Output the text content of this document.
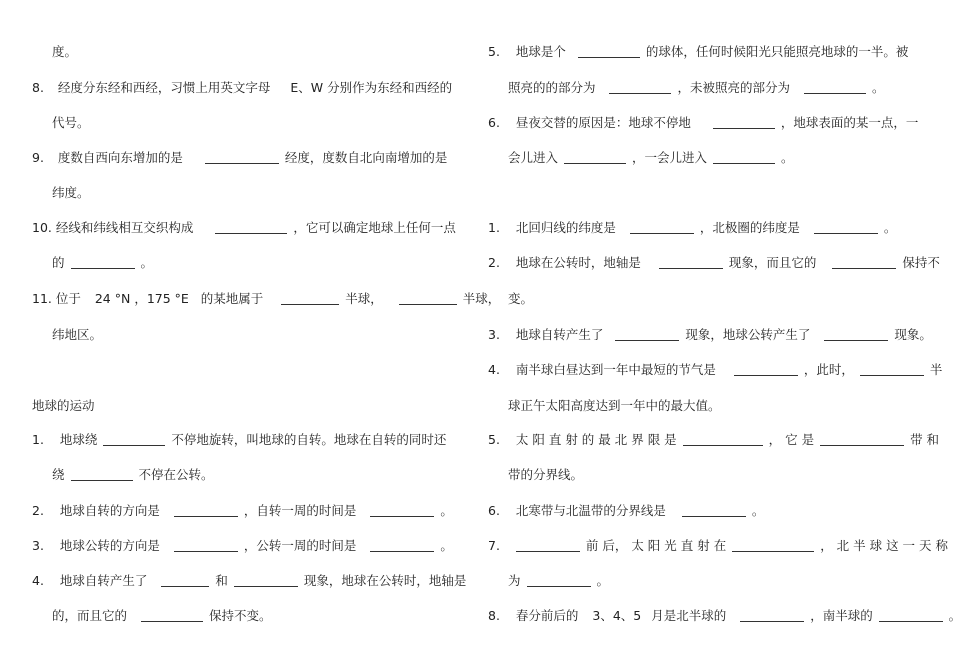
度。
8. 经度分东经和西经，习惯上用英文字母 E、W 分别作为东经和西经的
代号。
9. 度数自西向东增加的是	经度，度数自北向南增加的是
纬度。
10. 经线和纬线相互交织构成	，它可以确定地球上任何一点
的	。
11. 位于 24 °N ，175 °E 的某地属于	半球，	半球，
纬地区。
地球的运动
1. 地球绕	不停地旋转，叫地球的自转。地球在自转的同时还
绕	不停在公转。
2. 地球自转的方向是	，自转一周的时间是	。
3. 地球公转的方向是	，公转一周的时间是	。
4. 地球自转产生了	和	现象，地球在公转时，地轴是
的，而且它的	保持不变。
5. 地球是个	的球体，任何时候阳光只能照亮地球的一半。被
照亮的的部分为	，未被照亮的部分为	。
6. 昼夜交替的原因是：地球不停地	，地球表面的某一点，一
会儿进入	，一会儿进入	。
1. 北回归线的纬度是	，北极圈的纬度是	。
2. 地球在公转时，地轴是	现象，而且它的	保持不
变。
3. 地球自转产生了	现象，地球公转产生了	现象。
4. 南半球白昼达到一年中最短的节气是	，此时，	半
球正午太阳高度达到一年中的最大值。
5. 太 阳 直 射 的 最 北 界 限 是	， 它 是	带 和
带的分界线。
6. 北寒带与北温带的分界线是	。
7.	前 后， 太 阳 光 直 射 在	， 北 半 球 这 一 天 称
为	。
8. 春分前后的 3、4、5 月是北半球的	，南半球的	。
